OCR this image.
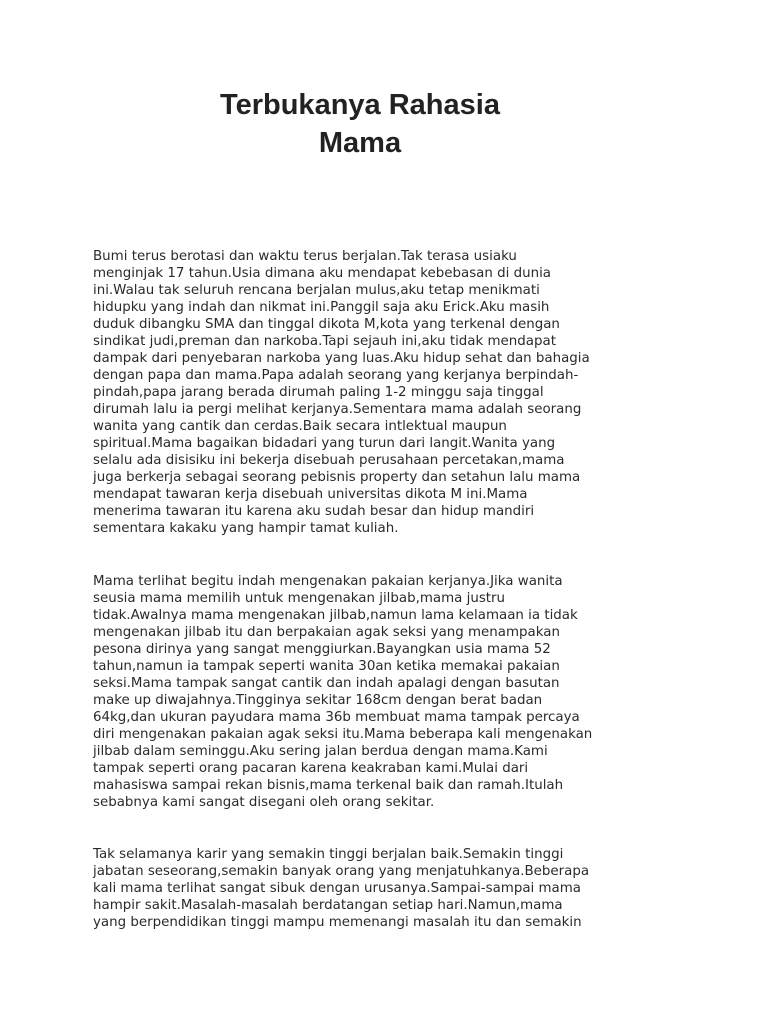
Terbukanya Rahasia
Mama
Bumi terus berotasi dan waktu terus berjalan.Tak terasa usiaku
menginjak 17 tahun.Usia dimana aku mendapat kebebasan di dunia
ini.Walau tak seluruh rencana berjalan mulus,aku tetap menikmati
hidupku yang indah dan nikmat ini.Panggil saja aku Erick.Aku masih
duduk dibangku SMA dan tinggal dikota M,kota yang terkenal dengan
sindikat judi,preman dan narkoba.Tapi sejauh ini,aku tidak mendapat
dampak dari penyebaran narkoba yang luas.Aku hidup sehat dan bahagia
dengan papa dan mama.Papa adalah seorang yang kerjanya berpindah-
pindah,papa jarang berada dirumah paling 1-2 minggu saja tinggal
dirumah lalu ia pergi melihat kerjanya.Sementara mama adalah seorang
wanita yang cantik dan cerdas.Baik secara intlektual maupun
spiritual.Mama bagaikan bidadari yang turun dari langit.Wanita yang
selalu ada disisiku ini bekerja disebuah perusahaan percetakan,mama
juga berkerja sebagai seorang pebisnis property dan setahun lalu mama
mendapat tawaran kerja disebuah universitas dikota M ini.Mama
menerima tawaran itu karena aku sudah besar dan hidup mandiri
sementara kakaku yang hampir tamat kuliah.
Mama terlihat begitu indah mengenakan pakaian kerjanya.Jika wanita
seusia mama memilih untuk mengenakan jilbab,mama justru
tidak.Awalnya mama mengenakan jilbab,namun lama kelamaan ia tidak
mengenakan jilbab itu dan berpakaian agak seksi yang menampakan
pesona dirinya yang sangat menggiurkan.Bayangkan usia mama 52
tahun,namun ia tampak seperti wanita 30an ketika memakai pakaian
seksi.Mama tampak sangat cantik dan indah apalagi dengan basutan
make up diwajahnya.Tingginya sekitar 168cm dengan berat badan
64kg,dan ukuran payudara mama 36b membuat mama tampak percaya
diri mengenakan pakaian agak seksi itu.Mama beberapa kali mengenakan
jilbab dalam seminggu.Aku sering jalan berdua dengan mama.Kami
tampak seperti orang pacaran karena keakraban kami.Mulai dari
mahasiswa sampai rekan bisnis,mama terkenal baik dan ramah.Itulah
sebabnya kami sangat disegani oleh orang sekitar.
Tak selamanya karir yang semakin tinggi berjalan baik.Semakin tinggi
jabatan seseorang,semakin banyak orang yang menjatuhkanya.Beberapa
kali mama terlihat sangat sibuk dengan urusanya.Sampai-sampai mama
hampir sakit.Masalah-masalah berdatangan setiap hari.Namun,mama
yang berpendidikan tinggi mampu memenangi masalah itu dan semakin
